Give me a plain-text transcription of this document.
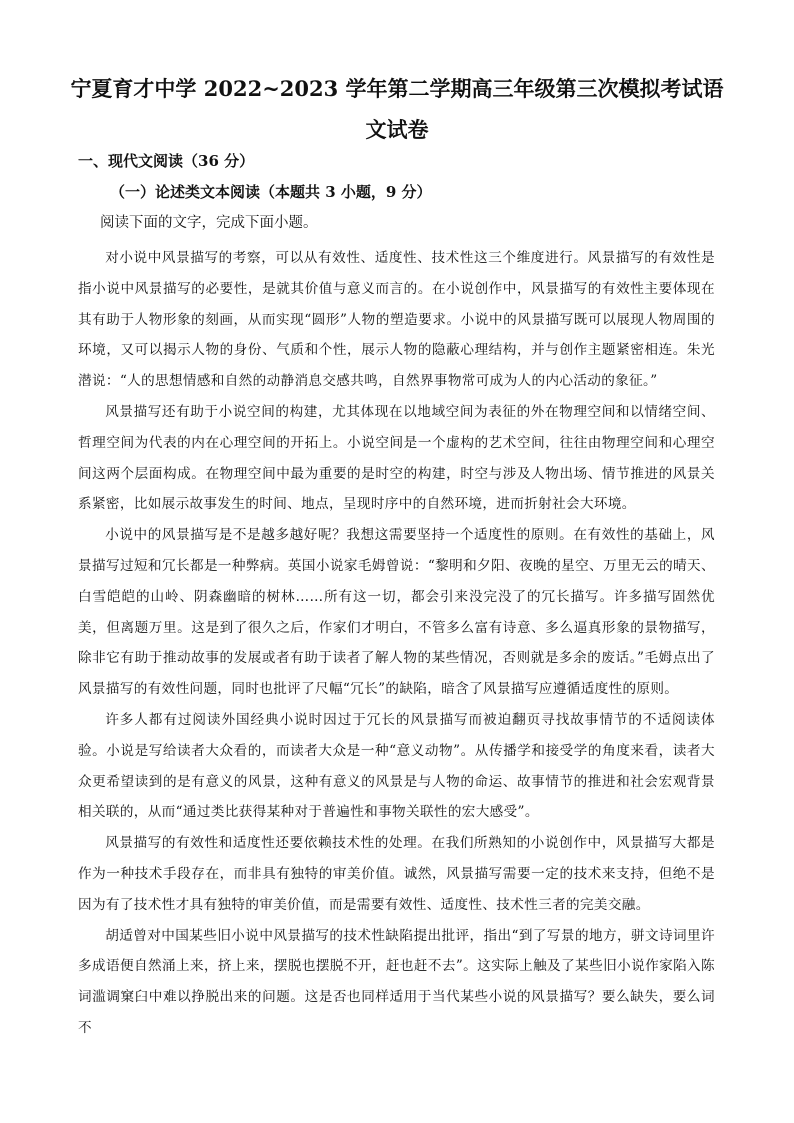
宁夏育才中学 2022~2023 学年第二学期高三年级第三次模拟考试语文试卷
一、现代文阅读（36 分）
（一）论述类文本阅读（本题共 3 小题，9 分）
阅读下面的文字，完成下面小题。

对小说中风景描写的考察，可以从有效性、适度性、技术性这三个维度进行。风景描写的有效性是指小说中风景描写的必要性，是就其价值与意义而言的。在小说创作中，风景描写的有效性主要体现在其有助于人物形象的刻画，从而实现“圆形”人物的塑造要求。小说中的风景描写既可以展现人物周围的环境，又可以揭示人物的身份、气质和个性，展示人物的隐蔽心理结构，并与创作主题紧密相连。朱光潜说：“人的思想情感和自然的动静消息交感共鸣，自然界事物常可成为人的内心活动的象征。”

风景描写还有助于小说空间的构建，尤其体现在以地域空间为表征的外在物理空间和以情绪空间、哲理空间为代表的内在心理空间的开拓上。小说空间是一个虚构的艺术空间，往往由物理空间和心理空间这两个层面构成。在物理空间中最为重要的是时空的构建，时空与涉及人物出场、情节推进的风景关系紧密，比如展示故事发生的时间、地点，呈现时序中的自然环境，进而折射社会大环境。

小说中的风景描写是不是越多越好呢？我想这需要坚持一个适度性的原则。在有效性的基础上，风景描写过短和冗长都是一种弊病。英国小说家毛姆曾说：“黎明和夕阳、夜晚的星空、万里无云的晴天、白雪皑皑的山岭、阴森幽暗的树林……所有这一切，都会引来没完没了的冗长描写。许多描写固然优美，但离题万里。这是到了很久之后，作家们才明白，不管多么富有诗意、多么逼真形象的景物描写，除非它有助于推动故事的发展或者有助于读者了解人物的某些情况，否则就是多余的废话。”毛姆点出了风景描写的有效性问题，同时也批评了尺幅“冗长”的缺陷，暗含了风景描写应遵循适度性的原则。

许多人都有过阅读外国经典小说时因过于冗长的风景描写而被迫翻页寻找故事情节的不适阅读体验。小说是写给读者大众看的，而读者大众是一种“意义动物”。从传播学和接受学的角度来看，读者大众更希望读到的是有意义的风景，这种有意义的风景是与人物的命运、故事情节的推进和社会宏观背景相关联的，从而“通过类比获得某种对于普遍性和事物关联性的宏大感受”。

风景描写的有效性和适度性还要依赖技术性的处理。在我们所熟知的小说创作中，风景描写大都是作为一种技术手段存在，而非具有独特的审美价值。诚然，风景描写需要一定的技术来支持，但绝不是因为有了技术性才具有独特的审美价值，而是需要有效性、适度性、技术性三者的完美交融。

胡适曾对中国某些旧小说中风景描写的技术性缺陷提出批评，指出“到了写景的地方，骈文诗词里许多成语便自然涌上来，挤上来，摆脱也摆脱不开，赶也赶不去”。这实际上触及了某些旧小说作家陷入陈词滥调窠臼中难以挣脱出来的问题。这是否也同样适用于当代某些小说的风景描写？要么缺失，要么词不
